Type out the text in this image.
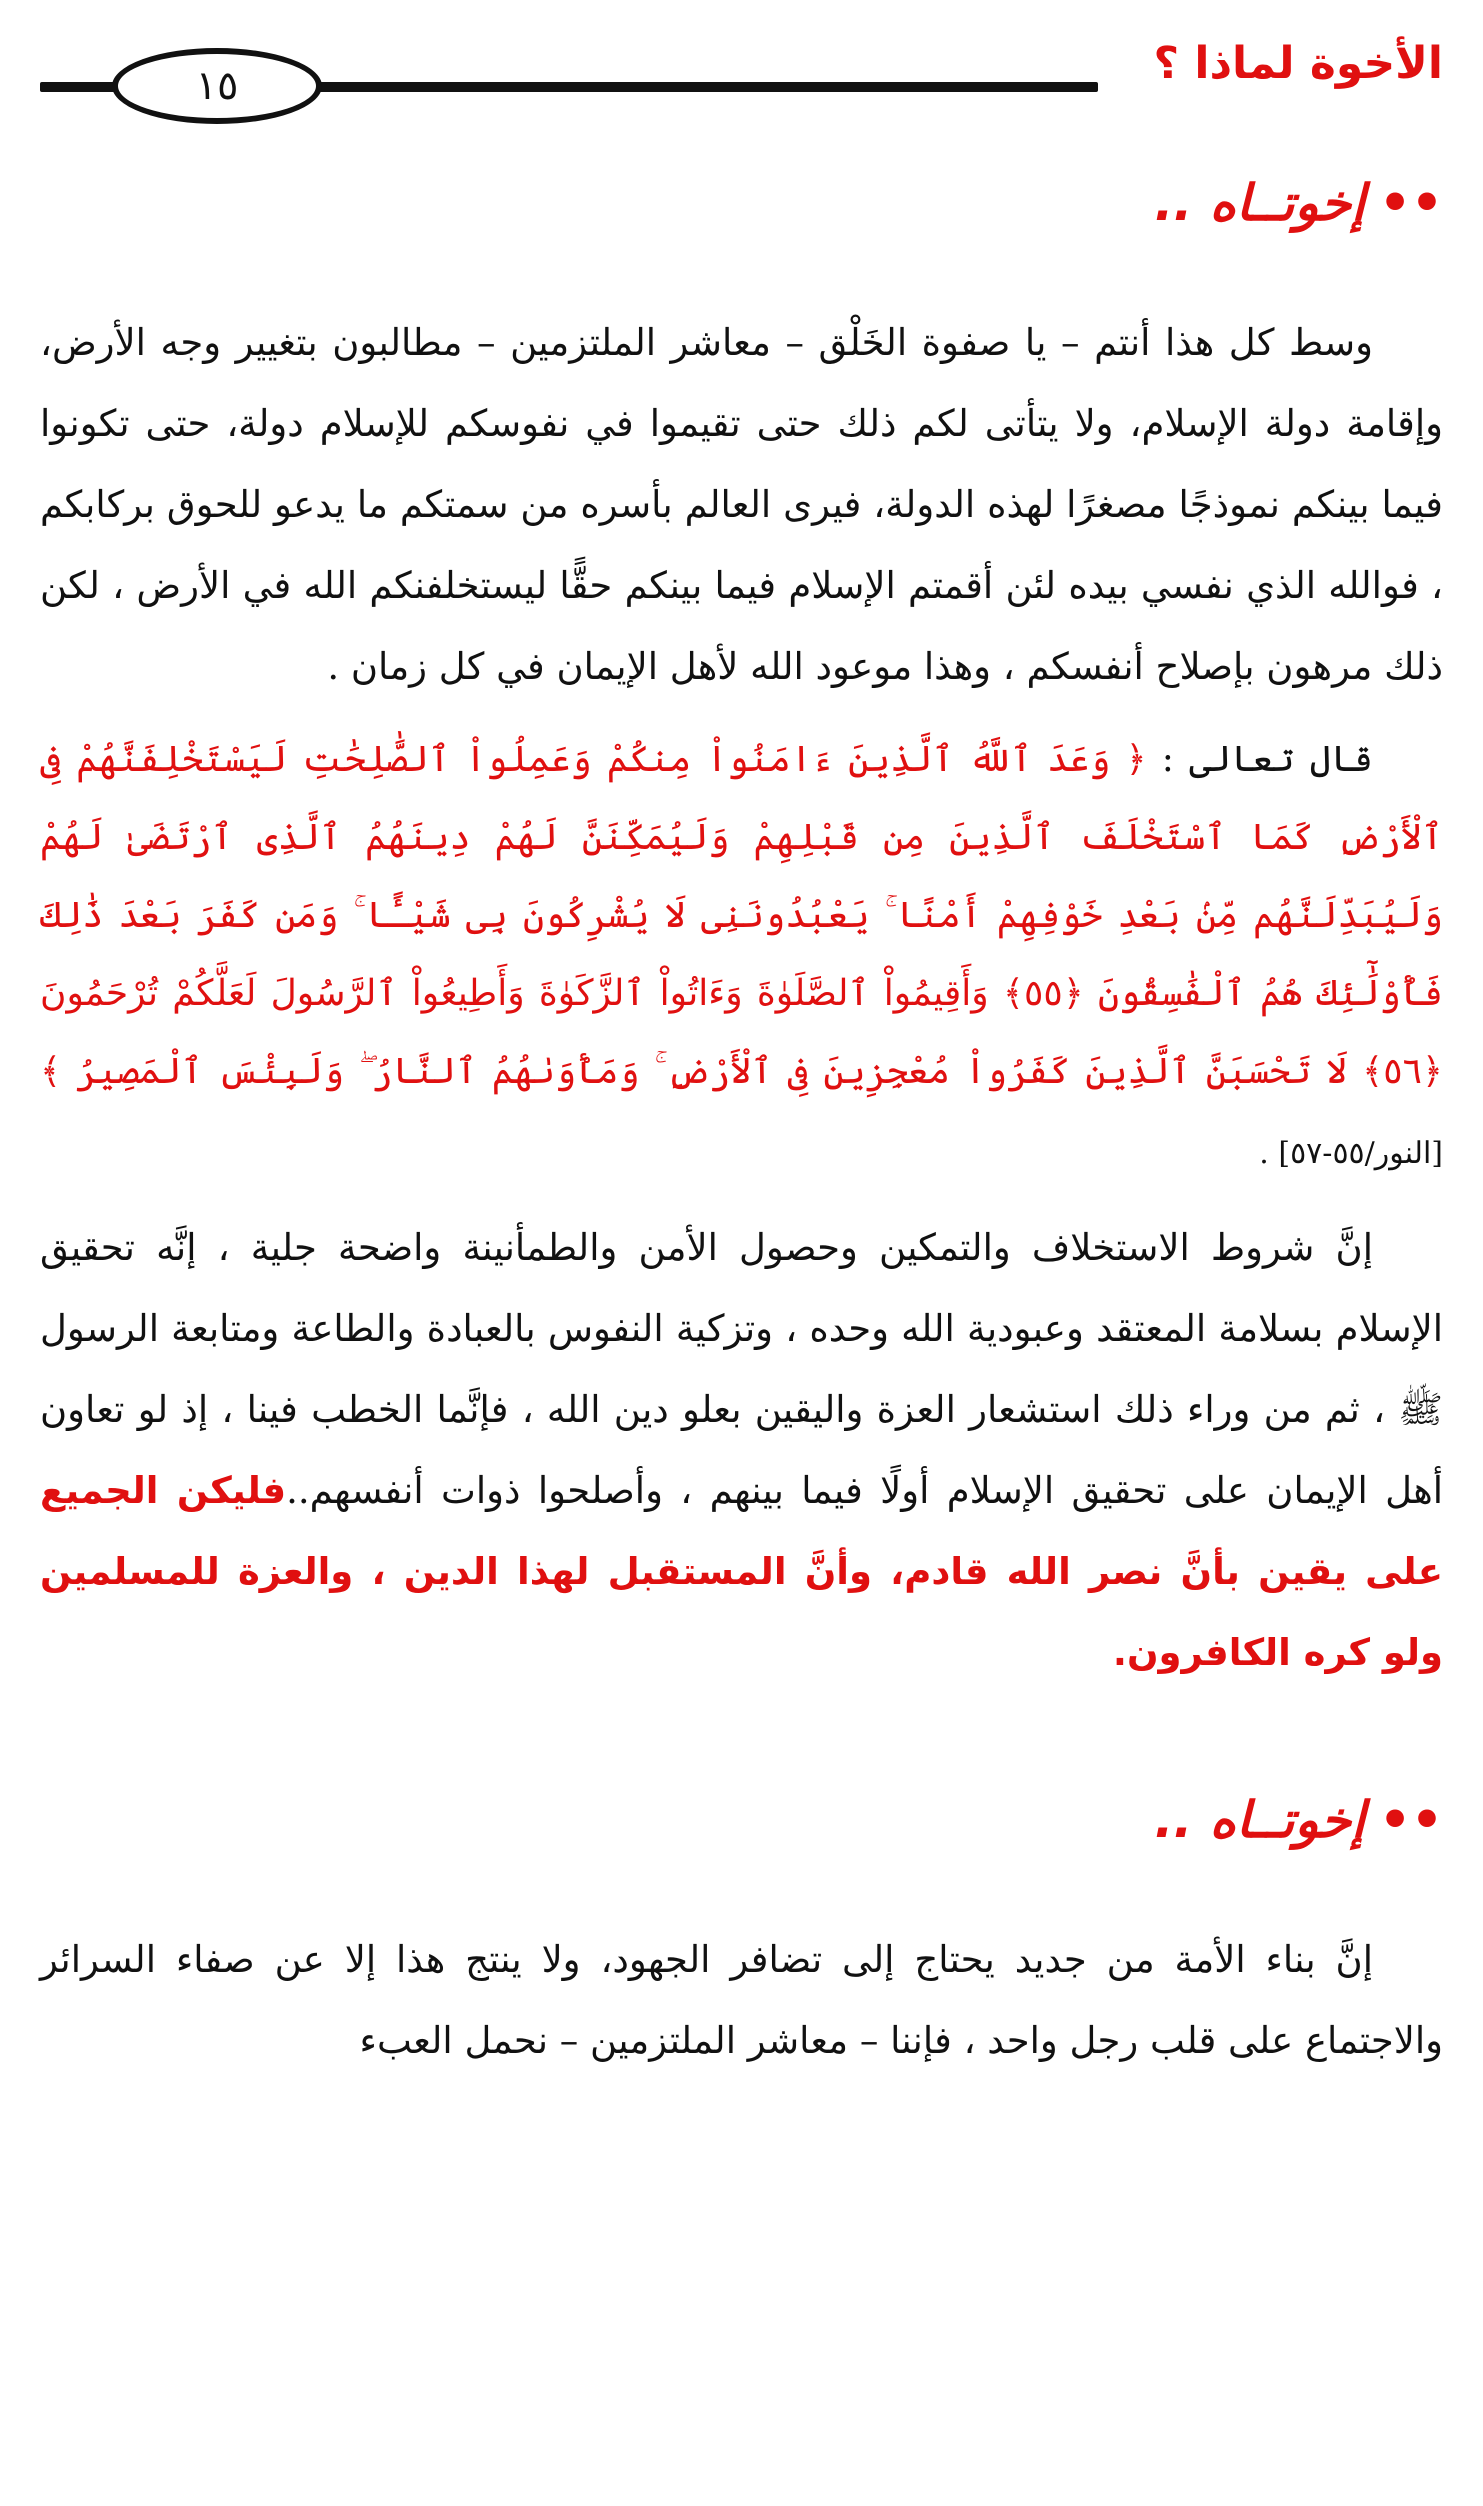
الأخوة لماذا ؟
١٥
••إخوتــاه ..

وسط كل هذا أنتم – يا صفوة الخَلْق – معاشر الملتزمين – مطالبون بتغيير وجه الأرض، وإقامة دولة الإسلام، ولا يتأتى لكم ذلك حتى تقيموا في نفوسكم للإسلام دولة، حتى تكونوا فيما بينكم نموذجًا مصغرًا لهذه الدولة، فيرى العالم بأسره من سمتكم ما يدعو للحوق بركابكم ، فوالله الذي نفسي بيده لئن أقمتم الإسلام فيما بينكم حقًّا ليستخلفنكم الله في الأرض ، لكن ذلك مرهون بإصلاح أنفسكم ، وهذا موعود الله لأهل الإيمان في كل زمان .

قال تعالى : ﴿ وَعَدَ ٱللَّهُ ٱلَّذِينَ ءَامَنُواْ مِنكُمْ وَعَمِلُواْ ٱلصَّٰلِحَٰتِ لَيَسْتَخْلِفَنَّهُمْ فِى ٱلْأَرْضِ كَمَا ٱسْتَخْلَفَ ٱلَّذِينَ مِن قَبْلِهِمْ وَلَيُمَكِّنَنَّ لَهُمْ دِينَهُمُ ٱلَّذِى ٱرْتَضَىٰ لَهُمْ وَلَيُبَدِّلَنَّهُم مِّنۢ بَعْدِ خَوْفِهِمْ أَمْنًا ۚ يَعْبُدُونَنِى لَا يُشْرِكُونَ بِى شَيْـًٔا ۚ وَمَن كَفَرَ بَعْدَ ذَٰلِكَ فَأُوْلَٰٓئِكَ هُمُ ٱلْفَٰسِقُونَ ﴿٥٥﴾ وَأَقِيمُواْ ٱلصَّلَوٰةَ وَءَاتُواْ ٱلزَّكَوٰةَ وَأَطِيعُواْ ٱلرَّسُولَ لَعَلَّكُمْ تُرْحَمُونَ ﴿٥٦﴾ لَا تَحْسَبَنَّ ٱلَّذِينَ كَفَرُواْ مُعْجِزِينَ فِى ٱلْأَرْضِ ۚ وَمَأْوَىٰهُمُ ٱلنَّارُ ۖ وَلَبِئْسَ ٱلْمَصِيرُ ﴾ [النور/٥٥-٥٧] .

إنَّ شروط الاستخلاف والتمكين وحصول الأمن والطمأنينة واضحة جلية ، إنَّه تحقيق الإسلام بسلامة المعتقد وعبودية الله وحده ، وتزكية النفوس بالعبادة والطاعة ومتابعة الرسول ﷺ ، ثم من وراء ذلك استشعار العزة واليقين بعلو دين الله ، فإنَّما الخطب فينا ، إذ لو تعاون أهل الإيمان على تحقيق الإسلام أولًا فيما بينهم ، وأصلحوا ذوات أنفسهم..فليكن الجميع على يقين بأنَّ نصر الله قادم، وأنَّ المستقبل لهذا الدين ، والعزة للمسلمين ولو كره الكافرون.

••إخوتــاه ..

إنَّ بناء الأمة من جديد يحتاج إلى تضافر الجهود، ولا ينتج هذا إلا عن صفاء السرائر والاجتماع على قلب رجل واحد ، فإننا – معاشر الملتزمين – نحمل العبء
